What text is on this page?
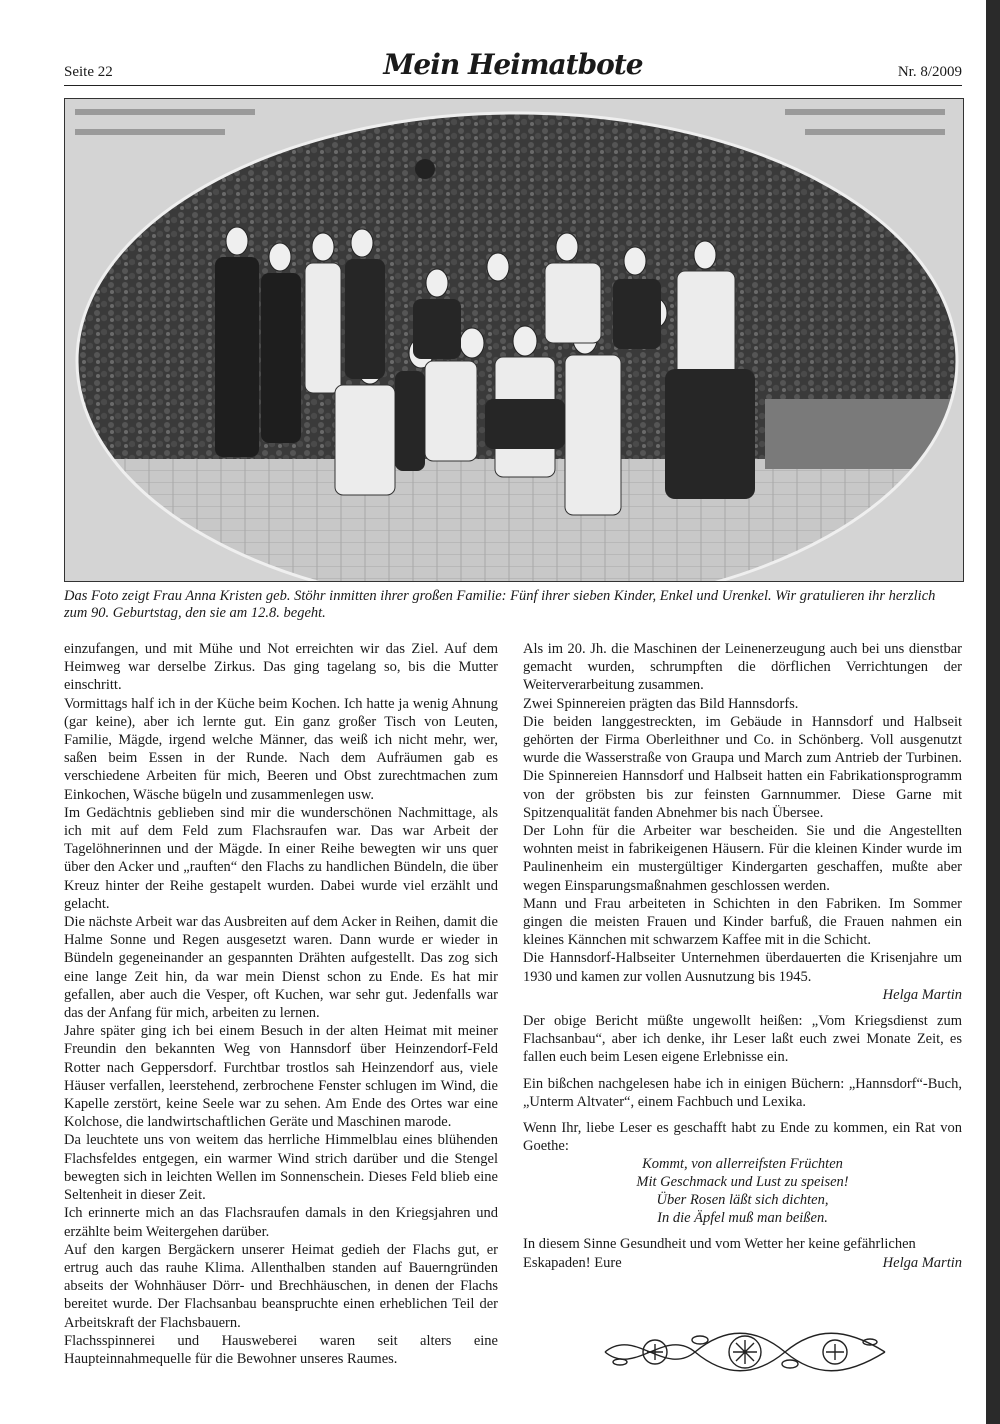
Seite 22	Mein Heimatbote	Nr. 8/2009
Das Foto zeigt Frau Anna Kristen geb. Stöhr inmitten ihrer großen Familie: Fünf ihrer sieben Kinder, Enkel und Urenkel. Wir gratulieren ihr herzlich zum 90. Geburtstag, den sie am 12.8. begeht.

einzufangen, und mit Mühe und Not erreichten wir das Ziel. Auf dem Heimweg war derselbe Zirkus. Das ging tagelang so, bis die Mutter einschritt.

Vormittags half ich in der Küche beim Kochen. Ich hatte ja wenig Ahnung (gar keine), aber ich lernte gut. Ein ganz großer Tisch von Leuten, Familie, Mägde, irgend welche Männer, das weiß ich nicht mehr, wer, saßen beim Essen in der Runde. Nach dem Aufräumen gab es verschiedene Arbeiten für mich, Beeren und Obst zurechtmachen zum Einkochen, Wäsche bügeln und zusammenlegen usw.

Im Gedächtnis geblieben sind mir die wunderschönen Nachmittage, als ich mit auf dem Feld zum Flachsraufen war. Das war Arbeit der Tagelöhnerinnen und der Mägde. In einer Reihe bewegten wir uns quer über den Acker und „rauften“ den Flachs zu handlichen Bündeln, die über Kreuz hinter der Reihe gestapelt wurden. Dabei wurde viel erzählt und gelacht.

Die nächste Arbeit war das Ausbreiten auf dem Acker in Reihen, damit die Halme Sonne und Regen ausgesetzt waren. Dann wurde er wieder in Bündeln gegeneinander an gespannten Drähten aufgestellt. Das zog sich eine lange Zeit hin, da war mein Dienst schon zu Ende. Es hat mir gefallen, aber auch die Vesper, oft Kuchen, war sehr gut. Jedenfalls war das der Anfang für mich, arbeiten zu lernen.

Jahre später ging ich bei einem Besuch in der alten Heimat mit meiner Freundin den bekannten Weg von Hannsdorf über Heinzendorf-Feld Rotter nach Geppersdorf. Furchtbar trostlos sah Heinzendorf aus, viele Häuser verfallen, leerstehend, zerbrochene Fenster schlugen im Wind, die Kapelle zerstört, keine Seele war zu sehen. Am Ende des Ortes war eine Kolchose, die landwirtschaftlichen Geräte und Maschinen marode.

Da leuchtete uns von weitem das herrliche Himmelblau eines blühenden Flachsfeldes entgegen, ein warmer Wind strich darüber und die Stengel bewegten sich in leichten Wellen im Sonnenschein. Dieses Feld blieb eine Seltenheit in dieser Zeit.

Ich erinnerte mich an das Flachsraufen damals in den Kriegsjahren und erzählte beim Weitergehen darüber.

Auf den kargen Bergäckern unserer Heimat gedieh der Flachs gut, er ertrug auch das rauhe Klima. Allenthalben standen auf Bauerngründen abseits der Wohnhäuser Dörr- und Brechhäuschen, in denen der Flachs bereitet wurde. Der Flachsanbau beanspruchte einen erheblichen Teil der Arbeitskraft der Flachsbauern.

Flachsspinnerei und Hausweberei waren seit alters eine Haupteinnahmequelle für die Bewohner unseres Raumes.

Als im 20. Jh. die Maschinen der Leinenerzeugung auch bei uns dienstbar gemacht wurden, schrumpften die dörflichen Verrichtungen der Weiterverarbeitung zusammen.

Zwei Spinnereien prägten das Bild Hannsdorfs.

Die beiden langgestreckten, im Gebäude in Hannsdorf und Halbseit gehörten der Firma Oberleithner und Co. in Schönberg. Voll ausgenutzt wurde die Wasserstraße von Graupa und March zum Antrieb der Turbinen. Die Spinnereien Hannsdorf und Halbseit hatten ein Fabrikationsprogramm von der gröbsten bis zur feinsten Garnnummer. Diese Garne mit Spitzenqualität fanden Abnehmer bis nach Übersee.

Der Lohn für die Arbeiter war bescheiden. Sie und die Angestellten wohnten meist in fabrikeigenen Häusern. Für die kleinen Kinder wurde im Paulinenheim ein mustergültiger Kindergarten geschaffen, mußte aber wegen Einsparungsmaßnahmen geschlossen werden.

Mann und Frau arbeiteten in Schichten in den Fabriken. Im Sommer gingen die meisten Frauen und Kinder barfuß, die Frauen nahmen ein kleines Kännchen mit schwarzem Kaffee mit in die Schicht.

Die Hannsdorf-Halbseiter Unternehmen überdauerten die Krisenjahre um 1930 und kamen zur vollen Ausnutzung bis 1945.

Helga Martin

Der obige Bericht müßte ungewollt heißen: „Vom Kriegsdienst zum Flachsanbau“, aber ich denke, ihr Leser laßt euch zwei Monate Zeit, es fallen euch beim Lesen eigene Erlebnisse ein.

Ein bißchen nachgelesen habe ich in einigen Büchern: „Hannsdorf“-Buch, „Unterm Altvater“, einem Fachbuch und Lexika.

Wenn Ihr, liebe Leser es geschafft habt zu Ende zu kommen, ein Rat von Goethe:

Kommt, von allerreifsten Früchten
Mit Geschmack und Lust zu speisen!
Über Rosen läßt sich dichten,
In die Äpfel muß man beißen.

In diesem Sinne Gesundheit und vom Wetter her keine gefährlichen

Eskapaden! Eure	Helga Martin
